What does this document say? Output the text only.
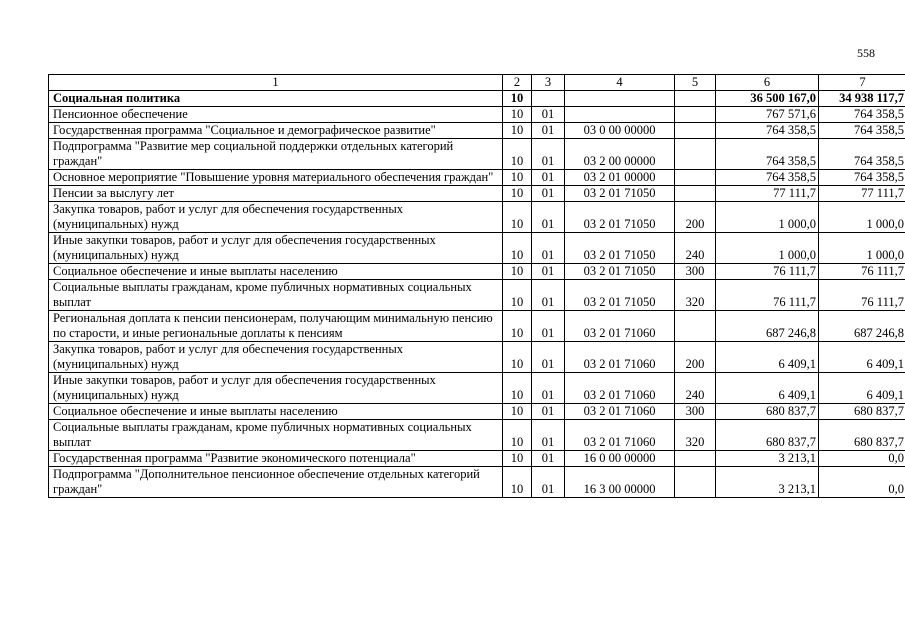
558
1	2	3	4	5	6	7
Социальная политика	10				36 500 167,0	34 938 117,7
Пенсионное обеспечение	10	01			767 571,6	764 358,5
Государственная программа "Социальное и демографическое развитие"	10	01	03 0 00 00000		764 358,5	764 358,5
Подпрограмма "Развитие мер социальной поддержки отдельных категорий граждан"	10	01	03 2 00 00000		764 358,5	764 358,5
Основное мероприятие "Повышение уровня материального обеспечения граждан"	10	01	03 2 01 00000		764 358,5	764 358,5
Пенсии за выслугу лет	10	01	03 2 01 71050		77 111,7	77 111,7
Закупка товаров, работ и услуг для обеспечения государственных (муниципальных) нужд	10	01	03 2 01 71050	200	1 000,0	1 000,0
Иные закупки товаров, работ и услуг для обеспечения государственных (муниципальных) нужд	10	01	03 2 01 71050	240	1 000,0	1 000,0
Социальное обеспечение и иные выплаты населению	10	01	03 2 01 71050	300	76 111,7	76 111,7
Социальные выплаты гражданам, кроме публичных нормативных социальных выплат	10	01	03 2 01 71050	320	76 111,7	76 111,7
Региональная доплата к пенсии пенсионерам, получающим минимальную пенсию по старости, и иные региональные доплаты к пенсиям	10	01	03 2 01 71060		687 246,8	687 246,8
Закупка товаров, работ и услуг для обеспечения государственных (муниципальных) нужд	10	01	03 2 01 71060	200	6 409,1	6 409,1
Иные закупки товаров, работ и услуг для обеспечения государственных (муниципальных) нужд	10	01	03 2 01 71060	240	6 409,1	6 409,1
Социальное обеспечение и иные выплаты населению	10	01	03 2 01 71060	300	680 837,7	680 837,7
Социальные выплаты гражданам, кроме публичных нормативных социальных выплат	10	01	03 2 01 71060	320	680 837,7	680 837,7
Государственная программа "Развитие экономического потенциала"	10	01	16 0 00 00000		3 213,1	0,0
Подпрограмма "Дополнительное пенсионное обеспечение отдельных категорий граждан"	10	01	16 3 00 00000		3 213,1	0,0
